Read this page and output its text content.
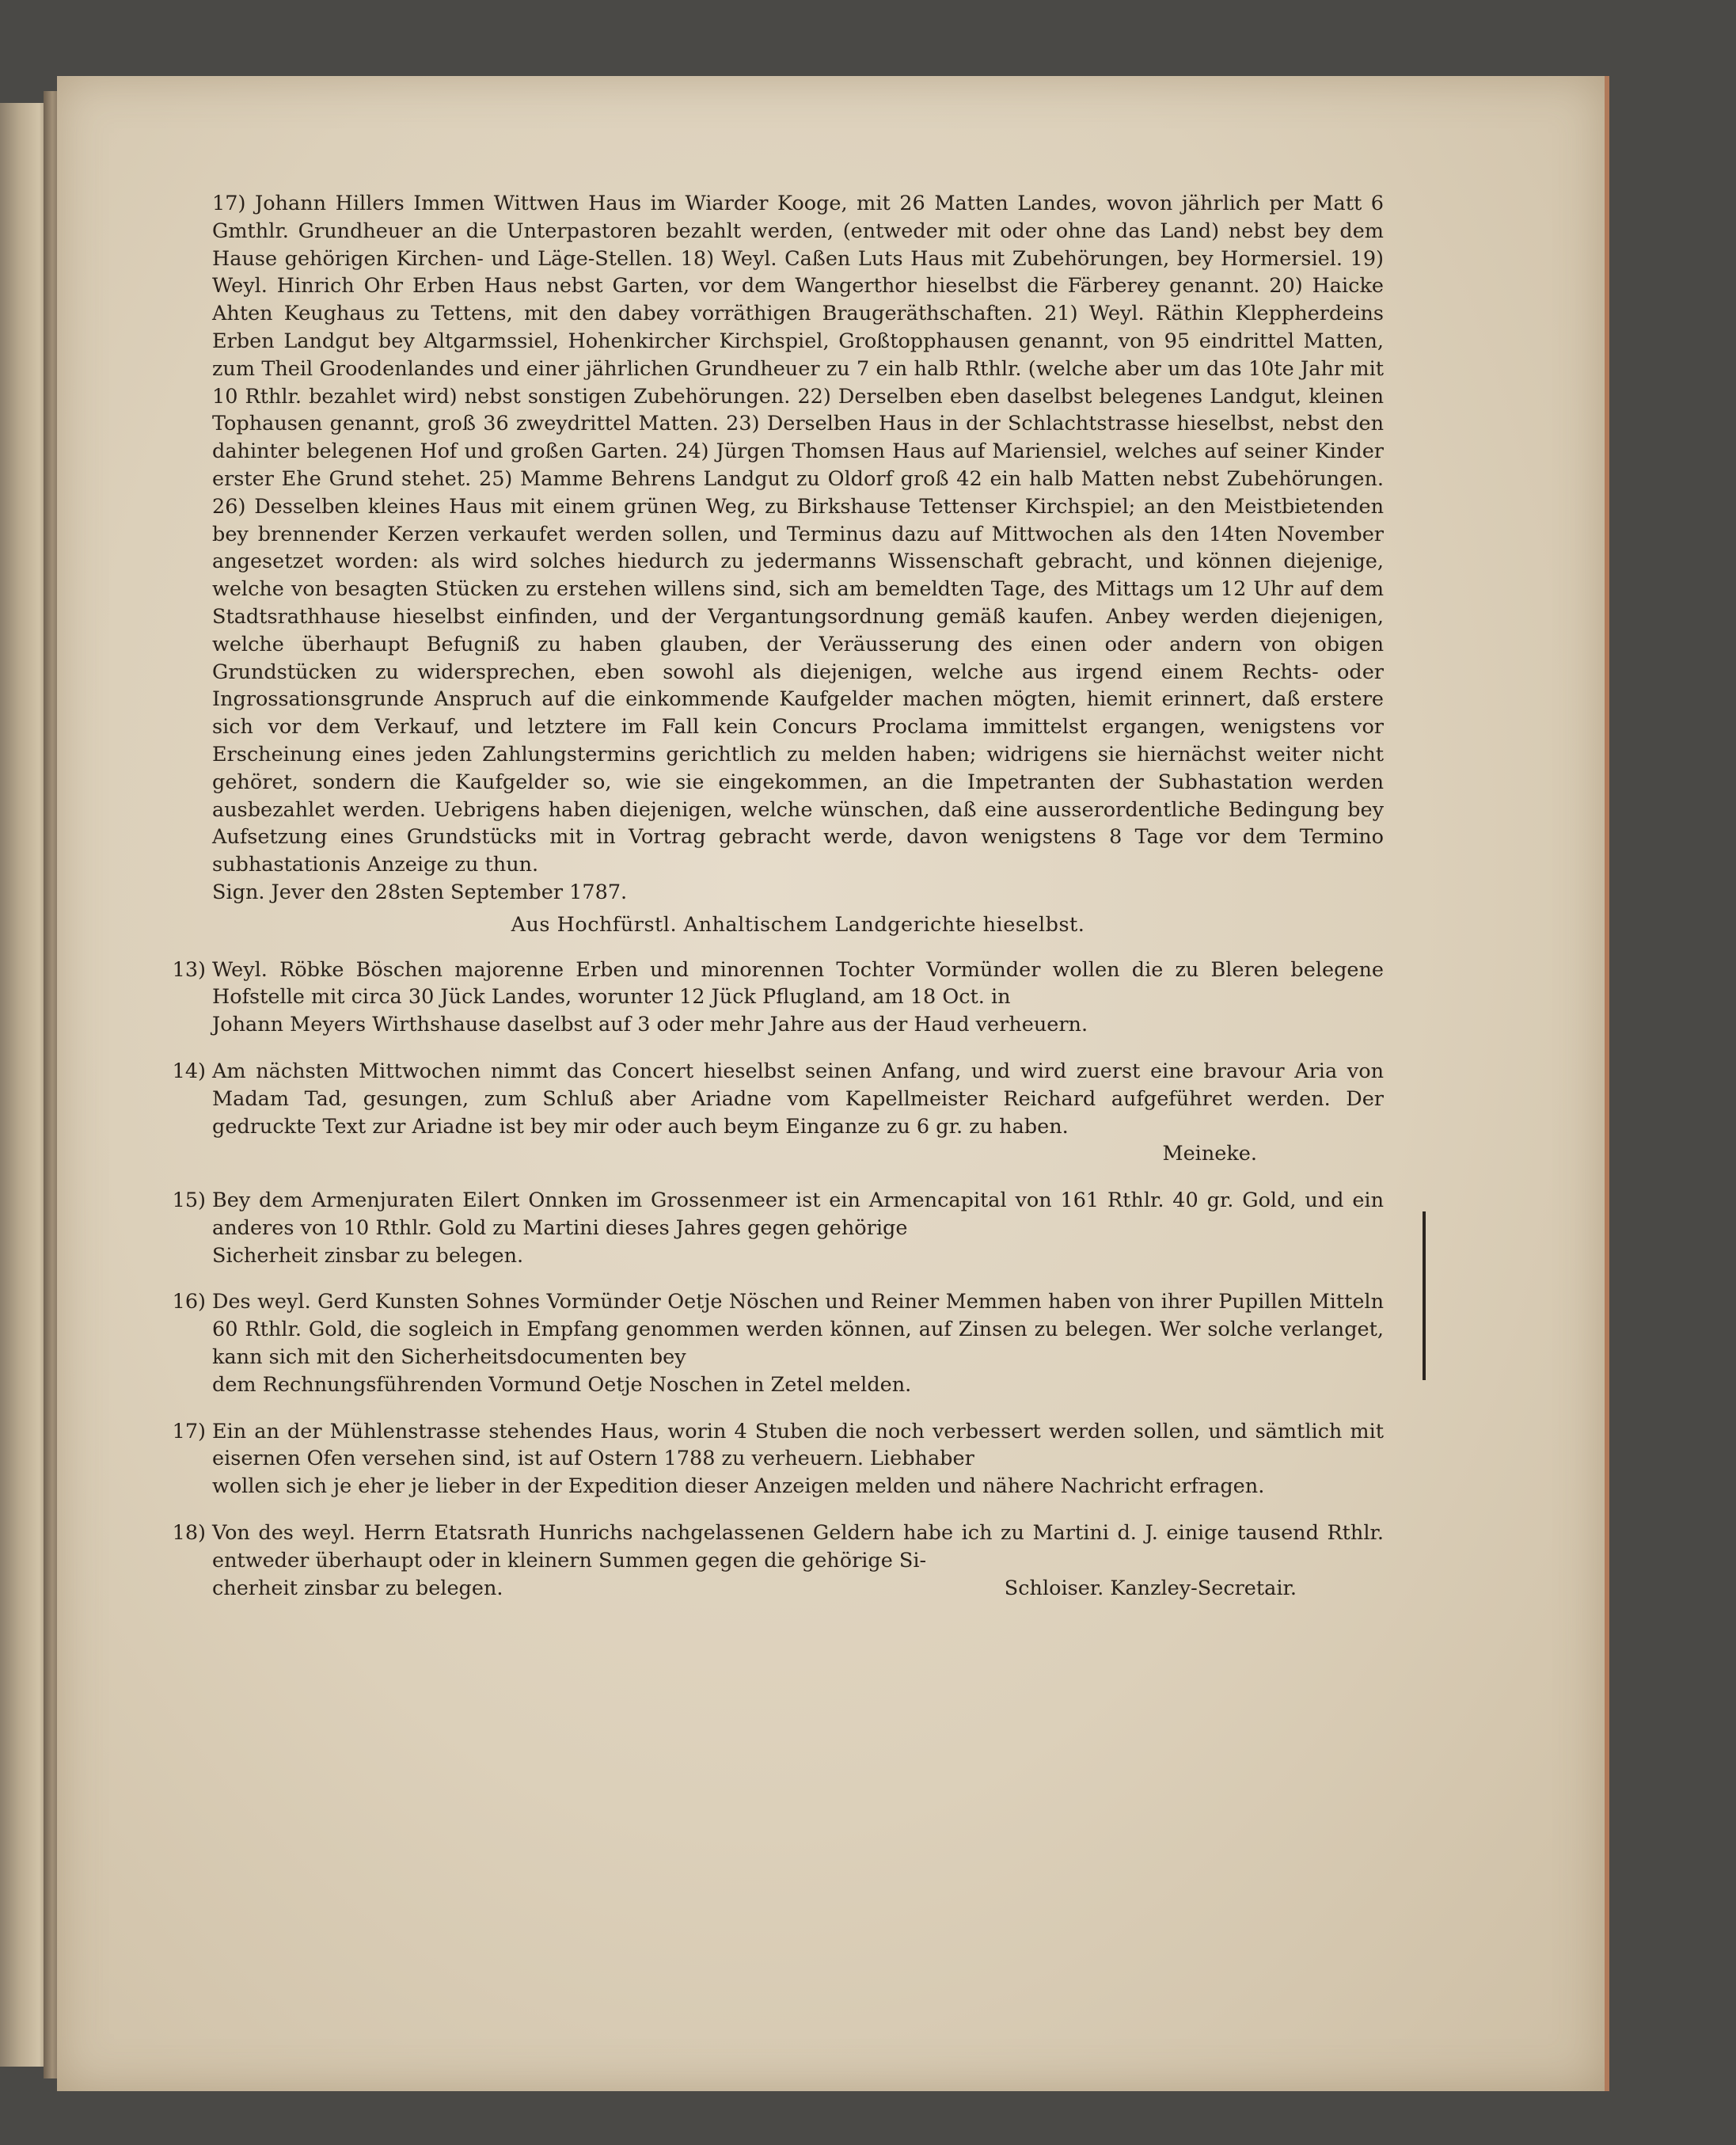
17) Johann Hillers Immen Wittwen Haus im Wiarder Kooge, mit 26 Matten Landes, wovon jährlich per Matt 6 Gmthlr. Grundheuer an die Unterpastoren bezahlt werden, (entweder mit oder ohne das Land) nebst bey dem Hause gehörigen Kirchen- und Läge-Stellen. 18) Weyl. Caßen Luts Haus mit Zubehörungen, bey Hormersiel. 19) Weyl. Hinrich Ohr Erben Haus nebst Garten, vor dem Wangerthor hieselbst die Färberey genannt. 20) Haicke Ahten Keughaus zu Tettens, mit den dabey vorräthigen Braugeräthschaften. 21) Weyl. Räthin Kleppherdeins Erben Landgut bey Altgarmssiel, Hohenkircher Kirchspiel, Großtopphausen genannt, von 95 eindrittel Matten, zum Theil Groodenlandes und einer jährlichen Grundheuer zu 7 ein halb Rthlr. (welche aber um das 10te Jahr mit 10 Rthlr. bezahlet wird) nebst sonstigen Zubehörungen. 22) Derselben eben daselbst belegenes Landgut, kleinen Tophausen genannt, groß 36 zweydrittel Matten. 23) Derselben Haus in der Schlachtstrasse hieselbst, nebst den dahinter belegenen Hof und großen Garten. 24) Jürgen Thomsen Haus auf Mariensiel, welches auf seiner Kinder erster Ehe Grund stehet. 25) Mamme Behrens Landgut zu Oldorf groß 42 ein halb Matten nebst Zubehörungen. 26) Desselben kleines Haus mit einem grünen Weg, zu Birkshause Tettenser Kirchspiel; an den Meistbietenden bey brennender Kerzen verkaufet werden sollen, und Terminus dazu auf Mittwochen als den 14ten November angesetzet worden: als wird solches hiedurch zu jedermanns Wissenschaft gebracht, und können diejenige, welche von besagten Stücken zu erstehen willens sind, sich am bemeldten Tage, des Mittags um 12 Uhr auf dem Stadtsrathhause hieselbst einfinden, und der Vergantungsordnung gemäß kaufen. Anbey werden diejenigen, welche überhaupt Befugniß zu haben glauben, der Veräusserung des einen oder andern von obigen Grundstücken zu widersprechen, eben sowohl als diejenigen, welche aus irgend einem Rechts- oder Ingrossationsgrunde Anspruch auf die einkommende Kaufgelder machen mögten, hiemit erinnert, daß erstere sich vor dem Verkauf, und letztere im Fall kein Concurs Proclama immittelst ergangen, wenigstens vor Erscheinung eines jeden Zahlungstermins gerichtlich zu melden haben; widrigens sie hiernächst weiter nicht gehöret, sondern die Kaufgelder so, wie sie eingekommen, an die Impetranten der Subhastation werden ausbezahlet werden. Uebrigens haben diejenigen, welche wünschen, daß eine ausserordentliche Bedingung bey Aufsetzung eines Grundstücks mit in Vortrag gebracht werde, davon wenigstens 8 Tage vor dem Termino subhastationis Anzeige zu thun.

Sign. Jever den 28sten September 1787.

Aus Hochfürstl. Anhaltischem Landgerichte hieselbst.
13) Weyl. Röbke Böschen majorenne Erben und minorennen Tochter Vormünder wollen die zu Bleren belegene Hofstelle mit circa 30 Jück Landes, worunter 12 Jück Pflugland, am 18 Oct. in

Johann Meyers Wirthshause daselbst auf 3 oder mehr Jahre aus der Haud verheuern.

14) Am nächsten Mittwochen nimmt das Concert hieselbst seinen Anfang, und wird zuerst eine bravour Aria von Madam Tad, gesungen, zum Schluß aber Ariadne vom Kapellmeister Reichard aufgeführet werden. Der gedruckte Text zur Ariadne ist bey mir oder auch beym Einganze zu 6 gr. zu haben.

Meineke.
15) Bey dem Armenjuraten Eilert Onnken im Grossenmeer ist ein Armencapital von 161 Rthlr. 40 gr. Gold, und ein anderes von 10 Rthlr. Gold zu Martini dieses Jahres gegen gehörige

Sicherheit zinsbar zu belegen.

16) Des weyl. Gerd Kunsten Sohnes Vormünder Oetje Nöschen und Reiner Memmen haben von ihrer Pupillen Mitteln 60 Rthlr. Gold, die sogleich in Empfang genommen werden können, auf Zinsen zu belegen. Wer solche verlanget, kann sich mit den Sicherheitsdocumenten bey

dem Rechnungsführenden Vormund Oetje Noschen in Zetel melden.

17) Ein an der Mühlenstrasse stehendes Haus, worin 4 Stuben die noch verbessert werden sollen, und sämtlich mit eisernen Ofen versehen sind, ist auf Ostern 1788 zu verheuern. Liebhaber

wollen sich je eher je lieber in der Expedition dieser Anzeigen melden und nähere Nachricht erfragen.

18) Von des weyl. Herrn Etatsrath Hunrichs nachgelassenen Geldern habe ich zu Martini d. J. einige tausend Rthlr. entweder überhaupt oder in kleinern Summen gegen die gehörige Si-

cherheit zinsbar zu belegen.	Schloiser. Kanzley-Secretair.
